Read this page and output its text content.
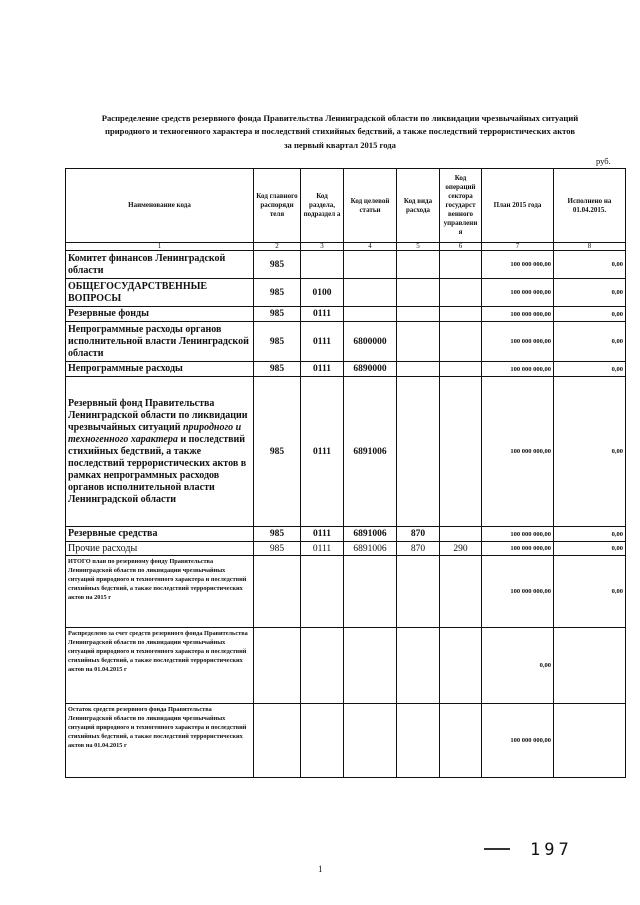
Распределение средств резервного фонда Правительства Ленинградской области по ликвидации чрезвычайных ситуаций
природного и техногенного характера и последствий стихийных бедствий, а также последствий террористических актов
за первый квартал 2015 года
руб.
Наименование кода	Код главного распоряди теля	Код раздела, подраздел а	Код целевой статьи	Код вида расхода	Код операций сектора государст венного управлени я	План 2015 года	Исполнено на 01.04.2015.
1	2	3	4	5	6	7	8
Комитет финансов Ленинградской области	985					100 000 000,00	0,00
ОБЩЕГОСУДАРСТВЕННЫЕ ВОПРОСЫ	985	0100				100 000 000,00	0,00
Резервные фонды	985	0111				100 000 000,00	0,00
Непрограммные расходы органов исполнительной власти Ленинградской области	985	0111	6800000			100 000 000,00	0,00
Непрограммные расходы	985	0111	6890000			100 000 000,00	0,00
Резервный фонд Правительства Ленинградской области по ликвидации чрезвычайных ситуаций природного и техногенного характера и последствий стихийных бедствий, а также последствий террористических актов в рамках непрограммных расходов органов исполнительной власти Ленинградской области	985	0111	6891006			100 000 000,00	0,00
Резервные средства	985	0111	6891006	870		100 000 000,00	0,00
Прочие расходы	985	0111	6891006	870	290	100 000 000,00	0,00
ИТОГО план по резервному фонду Правительства Ленинградской области по ликвидации чрезвычайных ситуаций природного и техногенного характера и последствий стихийных бедствий, а также последствий террористических актов на 2015 г						100 000 000,00	0,00
Распределено за счет средств резервного фонда Правительства Ленинградской области по ликвидации чрезвычайных ситуаций природного и техногенного характера и последствий стихийных бедствий, а также последствий террористических актов на 01.04.2015 г						0,00	
Остаток средств резервного фонда Правительства Ленинградской области по ликвидации чрезвычайных ситуаций природного и техногенного характера и последствий стихийных бедствий, а также последствий террористических актов на 01.04.2015 г						100 000 000,00	
197
1
